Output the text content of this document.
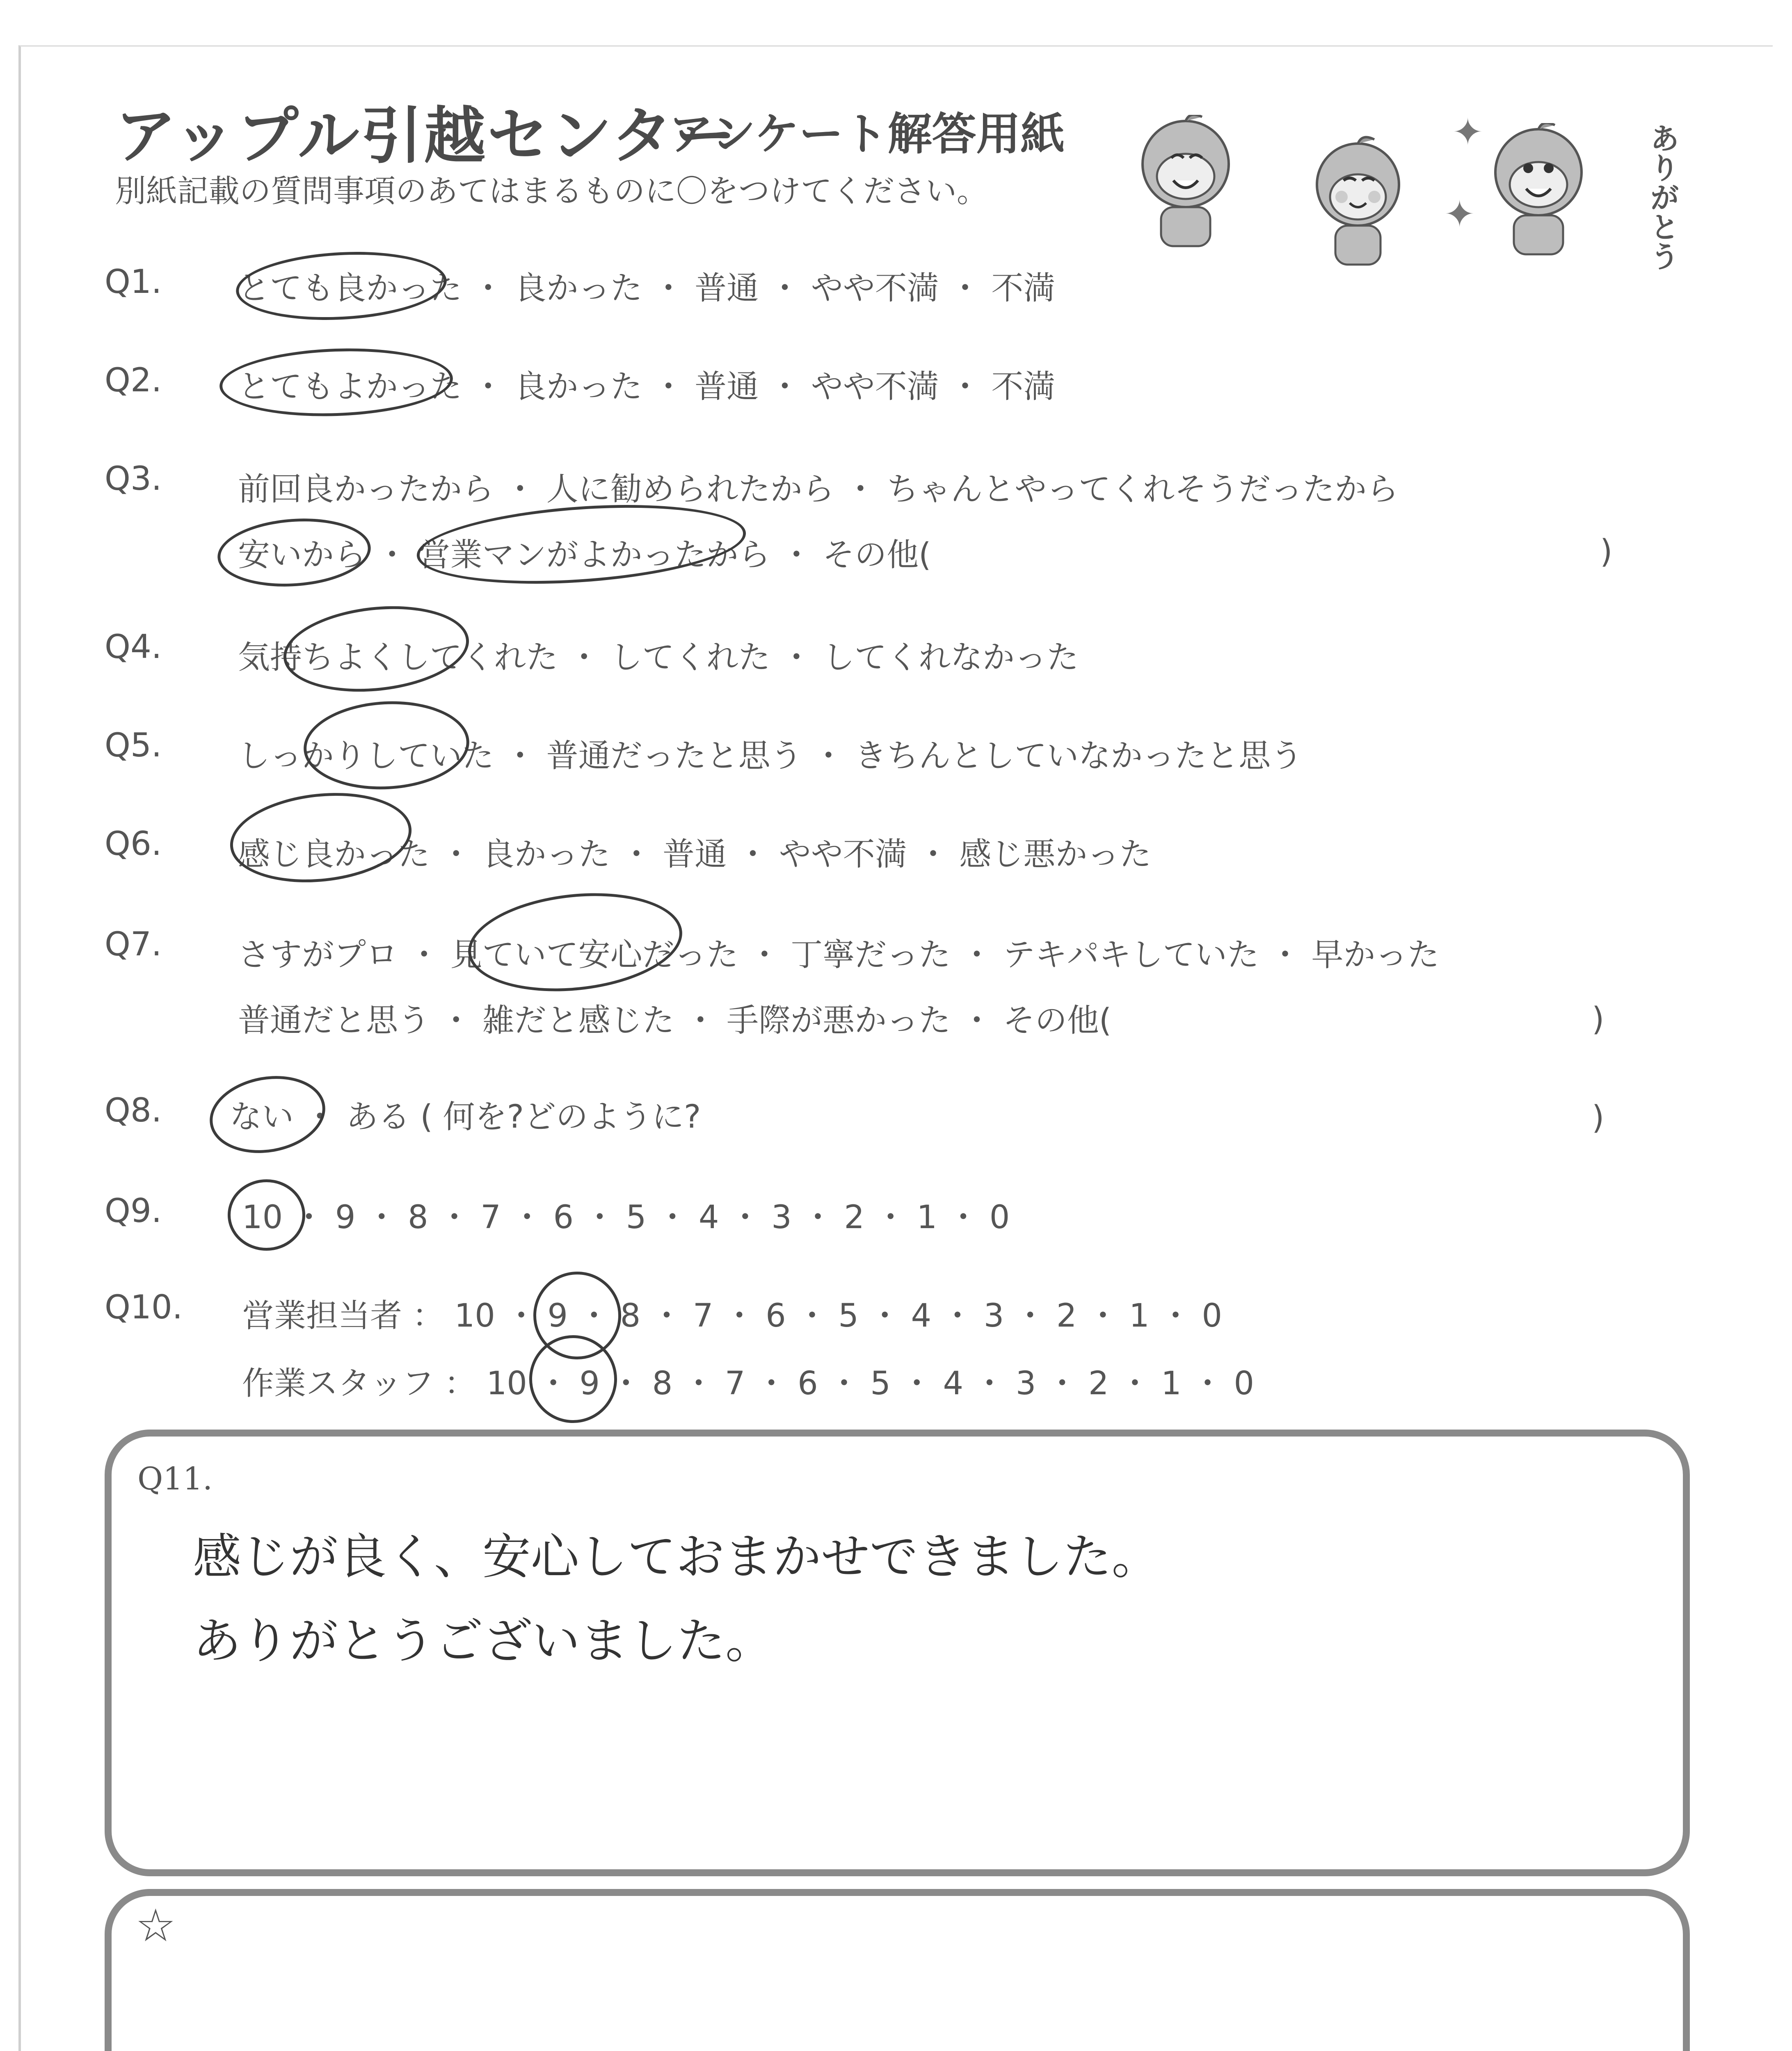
アップル引越センター
アンケート解答用紙
別紙記載の質問事項のあてはまるものに〇をつけてください。
✦
✦	ありがとう
Q1. とても良かった ・ 良かった ・ 普通 ・ やや不満 ・ 不満
Q2. とてもよかった ・ 良かった ・ 普通 ・ やや不満 ・ 不満
Q3. 前回良かったから ・ 人に勧められたから ・ ちゃんとやってくれそうだったから
安いから ・ 営業マンがよかったから ・ その他(	)
Q4. 気持ちよくしてくれた ・ してくれた ・ してくれなかった
Q5. しっかりしていた ・ 普通だったと思う ・ きちんとしていなかったと思う
Q6. 感じ良かった ・ 良かった ・ 普通 ・ やや不満 ・ 感じ悪かった
Q7. さすがプロ ・ 見ていて安心だった ・ 丁寧だった ・ テキパキしていた ・ 早かった
普通だと思う ・ 雑だと感じた ・ 手際が悪かった ・ その他(	)
Q8. ない ・ ある ( 何を?どのように?	)
Q9.	10 ・ 9 ・ 8 ・ 7 ・ 6 ・ 5 ・ 4 ・ 3 ・ 2 ・ 1 ・ 0
Q10. 営業担当者 ： 10 ・ 9 ・ 8 ・ 7 ・ 6 ・ 5 ・ 4 ・ 3 ・ 2 ・ 1 ・ 0
作業スタッフ ： 10 ・ 9 ・ 8 ・ 7 ・ 6 ・ 5 ・ 4 ・ 3 ・ 2 ・ 1 ・ 0
Q11.
感じが良く、安心しておまかせできました。
ありがとうございました。
☆
